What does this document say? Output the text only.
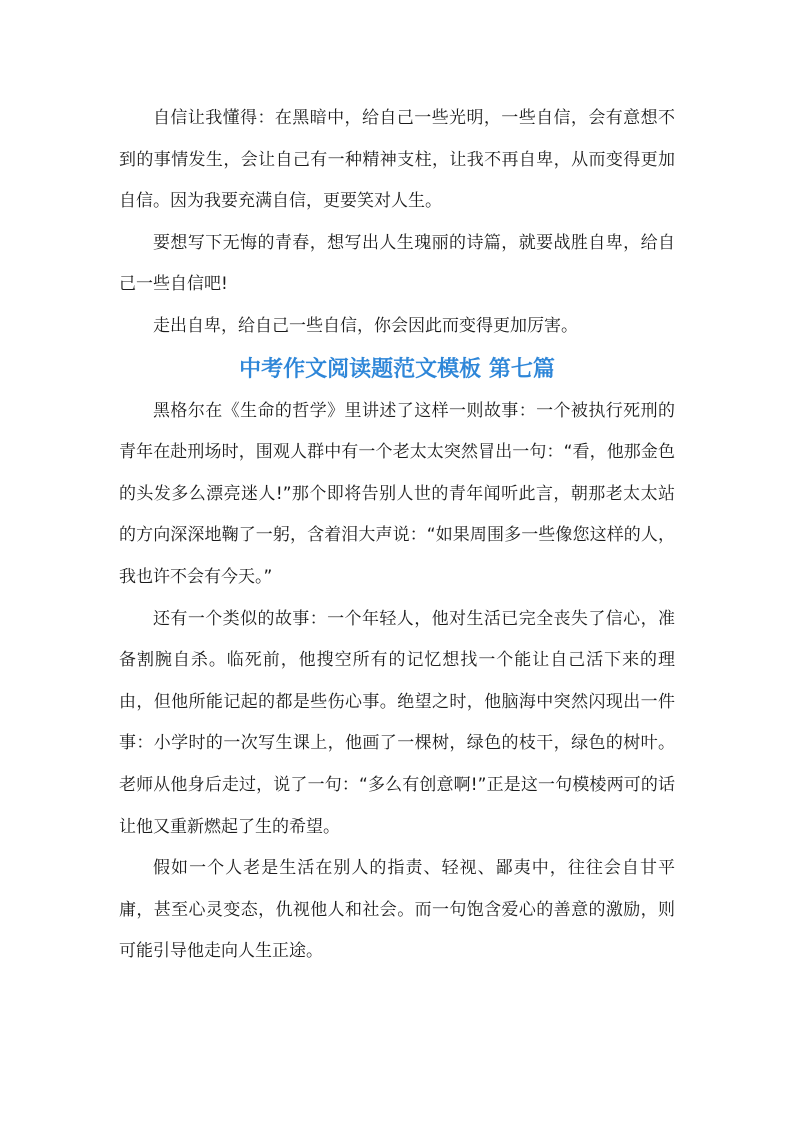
自信让我懂得：在黑暗中，给自己一些光明，一些自信，会有意想不到的事情发生，会让自己有一种精神支柱，让我不再自卑，从而变得更加自信。因为我要充满自信，更要笑对人生。

要想写下无悔的青春，想写出人生瑰丽的诗篇，就要战胜自卑，给自己一些自信吧!

走出自卑，给自己一些自信，你会因此而变得更加厉害。

中考作文阅读题范文模板 第七篇

黑格尔在《生命的哲学》里讲述了这样一则故事：一个被执行死刑的青年在赴刑场时，围观人群中有一个老太太突然冒出一句：“看，他那金色的头发多么漂亮迷人!”那个即将告别人世的青年闻听此言，朝那老太太站的方向深深地鞠了一躬，含着泪大声说：“如果周围多一些像您这样的人，我也许不会有今天。”

还有一个类似的故事：一个年轻人，他对生活已完全丧失了信心，准备割腕自杀。临死前，他搜空所有的记忆想找一个能让自己活下来的理由，但他所能记起的都是些伤心事。绝望之时，他脑海中突然闪现出一件事：小学时的一次写生课上，他画了一棵树，绿色的枝干，绿色的树叶。老师从他身后走过，说了一句：“多么有创意啊!”正是这一句模棱两可的话让他又重新燃起了生的希望。

假如一个人老是生活在别人的指责、轻视、鄙夷中，往往会自甘平庸，甚至心灵变态，仇视他人和社会。而一句饱含爱心的善意的激励，则可能引导他走向人生正途。
